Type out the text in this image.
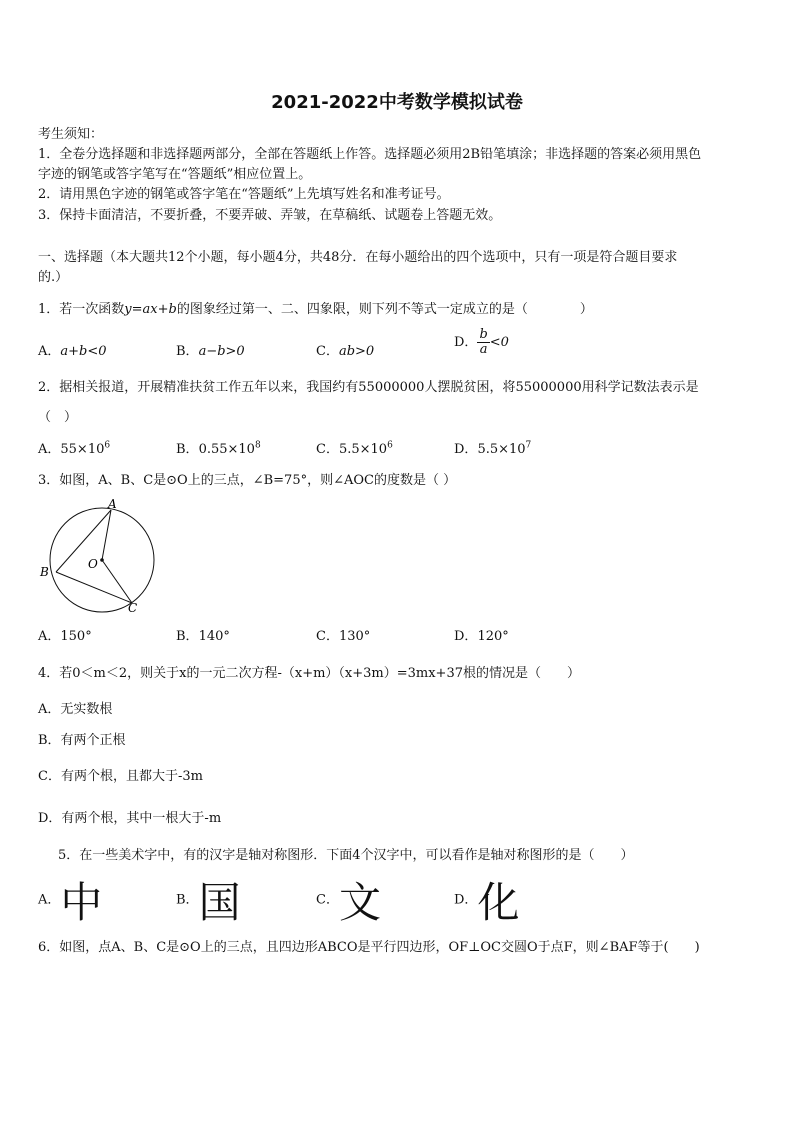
2021-2022中考数学模拟试卷
考生须知：
1．全卷分选择题和非选择题两部分，全部在答题纸上作答。选择题必须用2B铅笔填涂；非选择题的答案必须用黑色
字迹的钢笔或答字笔写在“答题纸”相应位置上。
2．请用黑色字迹的钢笔或答字笔在“答题纸”上先填写姓名和准考证号。
3．保持卡面清洁，不要折叠，不要弄破、弄皱，在草稿纸、试题卷上答题无效。
一、选择题（本大题共12个小题，每小题4分，共48分．在每小题给出的四个选项中，只有一项是符合题目要求
的.）
1．若一次函数y=ax+b的图象经过第一、二、四象限，则下列不等式一定成立的是（　　　　）
A．a+b<0	B．a−b>0	C．ab>0
D． $\frac{b}{a} <0$
2．据相关报道，开展精准扶贫工作五年以来，我国约有55000000人摆脱贫困，将55000000用科学记数法表示是
（　）
A．$55\times 10^6$	B．$0.55\times 10^8$	C．$5.5\times 10^6$	D．$5.5\times 10^7$
3．如图，A、B、C是⊙O上的三点，∠B=75°，则∠AOC的度数是（ ）
A
B
C
O
A．150°	B．140°	C．130°	D．120°
4．若0＜m＜2，则关于x的一元二次方程-（x+m）（x+3m）=3mx+37根的情况是（　　）
A．无实数根
B．有两个正根
C．有两个根，且都大于-3m
D．有两个根，其中一根大于-m
5．在一些美术字中，有的汉字是轴对称图形．下面4个汉字中，可以看作是轴对称图形的是（　　）
A．中	B．国	C．文	D．化
6．如图，点A、B、C是⊙O上的三点，且四边形ABCO是平行四边形，OF⊥OC交圆O于点F，则∠BAF等于(　　)
